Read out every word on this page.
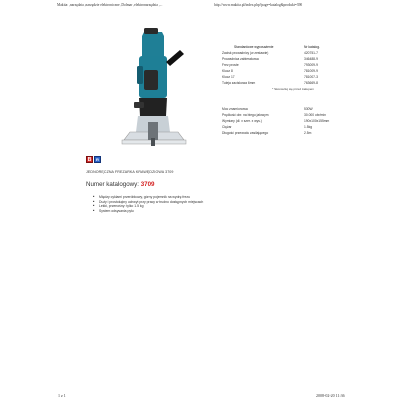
Makita: ,narzędzia ,narzędzie elektroniczne ,Dolmar ,elektronarzędzia ,...	http://www.makita.pl/index.php?page=katalog&produkt=390
Standardowe wyposażenie	Nr katalog.
Zacisk prowadnicy (w zestawie)	420751-7
Prowadnica zabierakowa	346488-9
Frez proste	793009-9
Klucz 8	781009-9
Klucz 17	781007-3
Tuleja zaciskowa 6mm	763669-8
* Skonsultuj się przed zakupem
Moc znamionowa	530W
Prędkość obr. na biegu jałowym	30.000 obr/min
Wymiary (dł. x szer. x wys.)	190x100x155mm
Ciężar	1.5kg
Długość przewodu zasilającego	2.5m
B	R
JEDNORĘCZNA FREZARKA KRAWĘDZIOWA 3709
Numer katalogowy: 3709
■ Między cyklami przeróbkowy, górny pojemnik na wydrę frezu
■ Duży i prostokątny uchwyt przy pracy w trudno dostępnych miejscach
■ Lekki, przenośny: tylko 1.5 kg
■ System odsysania pyłu
1 z 1	2008-02-20 11:36
